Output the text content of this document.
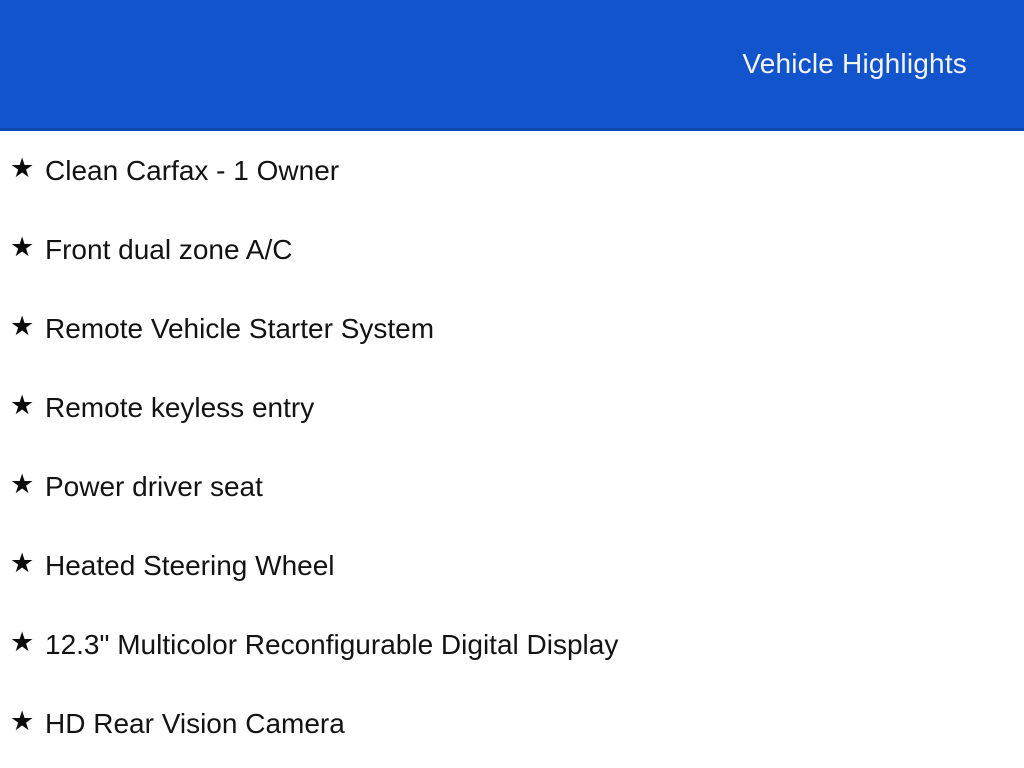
Vehicle Highlights
★ Clean Carfax - 1 Owner
★ Front dual zone A/C
★ Remote Vehicle Starter System
★ Remote keyless entry
★ Power driver seat
★ Heated Steering Wheel
★ 12.3" Multicolor Reconfigurable Digital Display
★ HD Rear Vision Camera
